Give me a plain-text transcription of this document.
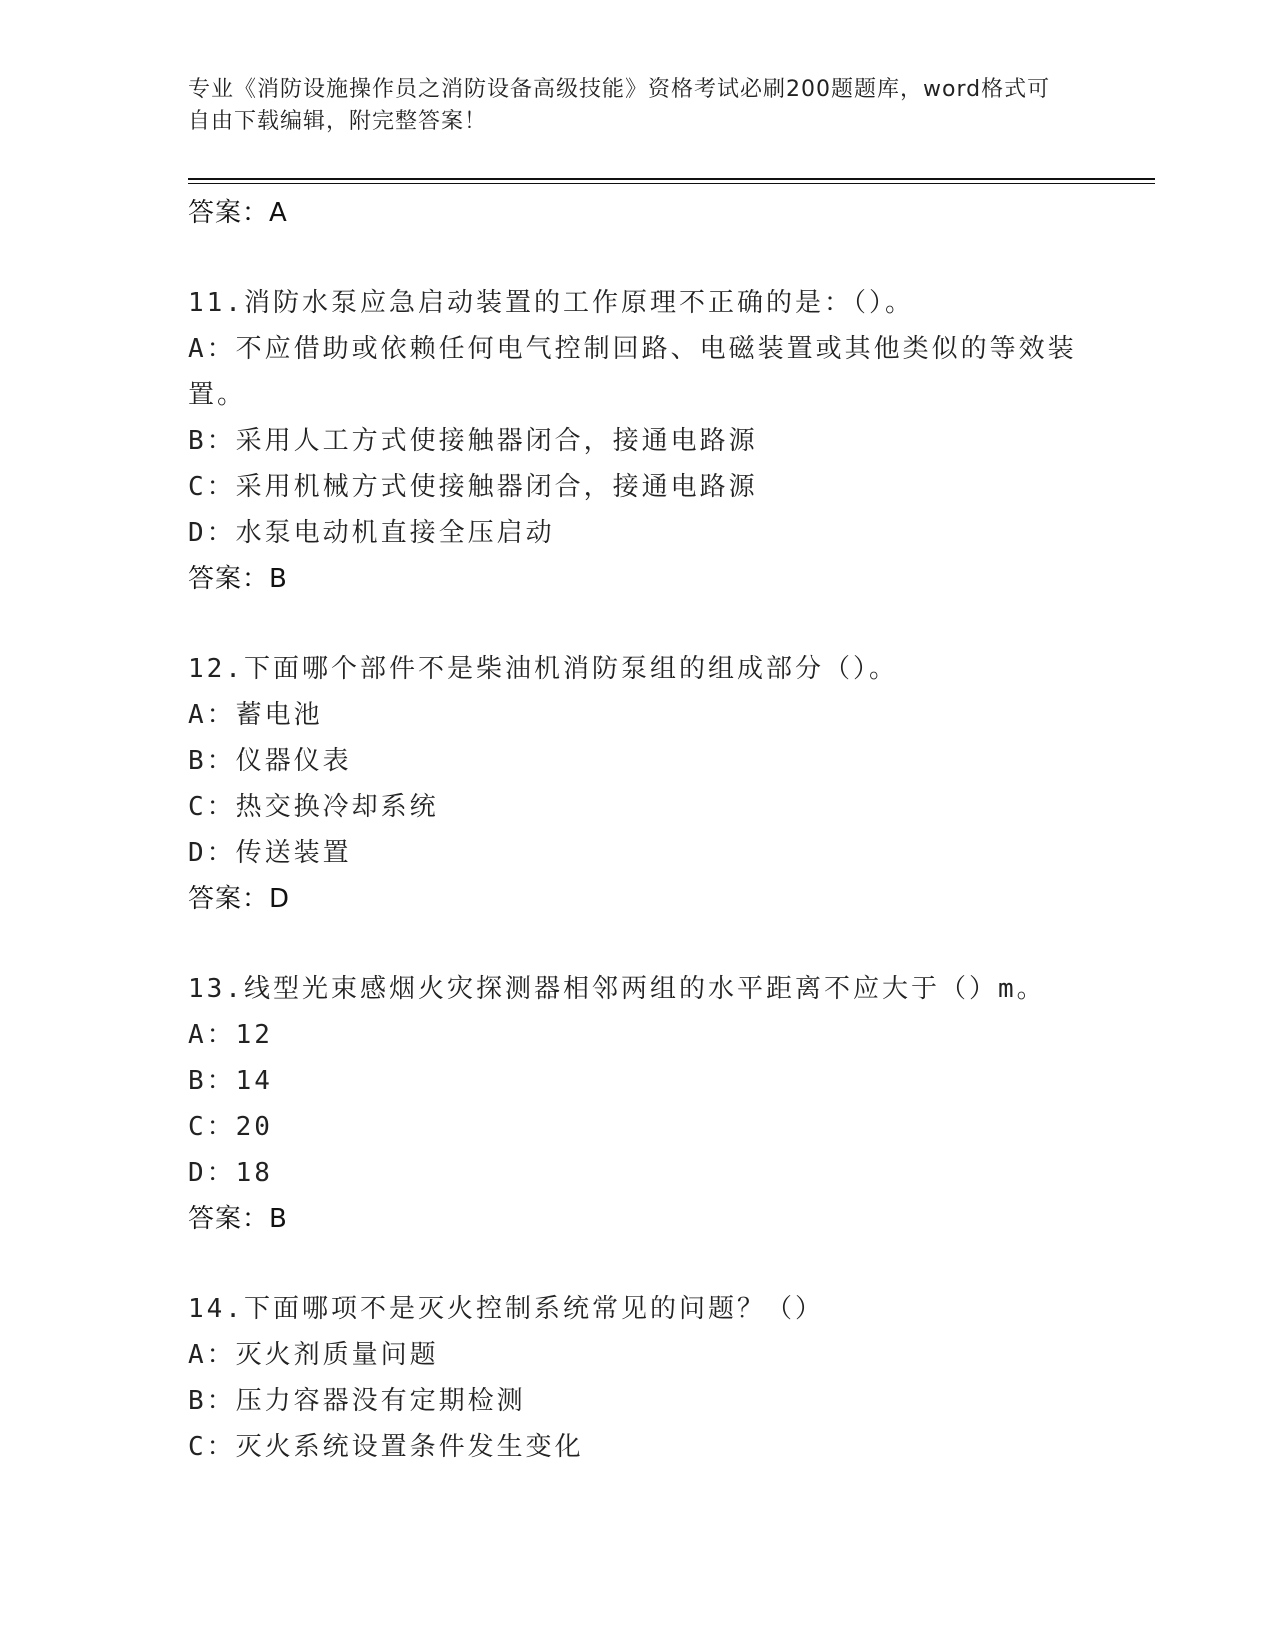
专业《消防设施操作员之消防设备高级技能》资格考试必刷200题题库，word格式可自由下载编辑，附完整答案！
答案：A
11.消防水泵应急启动装置的工作原理不正确的是：（）。
A：不应借助或依赖任何电气控制回路、电磁装置或其他类似的等效装置。
B：采用人工方式使接触器闭合，接通电路源
C：采用机械方式使接触器闭合，接通电路源
D：水泵电动机直接全压启动
答案：B
12.下面哪个部件不是柴油机消防泵组的组成部分（）。
A：蓄电池
B：仪器仪表
C：热交换冷却系统
D：传送装置
答案：D
13.线型光束感烟火灾探测器相邻两组的水平距离不应大于（）m。
A：12
B：14
C：20
D：18
答案：B
14.下面哪项不是灭火控制系统常见的问题？（）
A：灭火剂质量问题
B：压力容器没有定期检测
C：灭火系统设置条件发生变化
